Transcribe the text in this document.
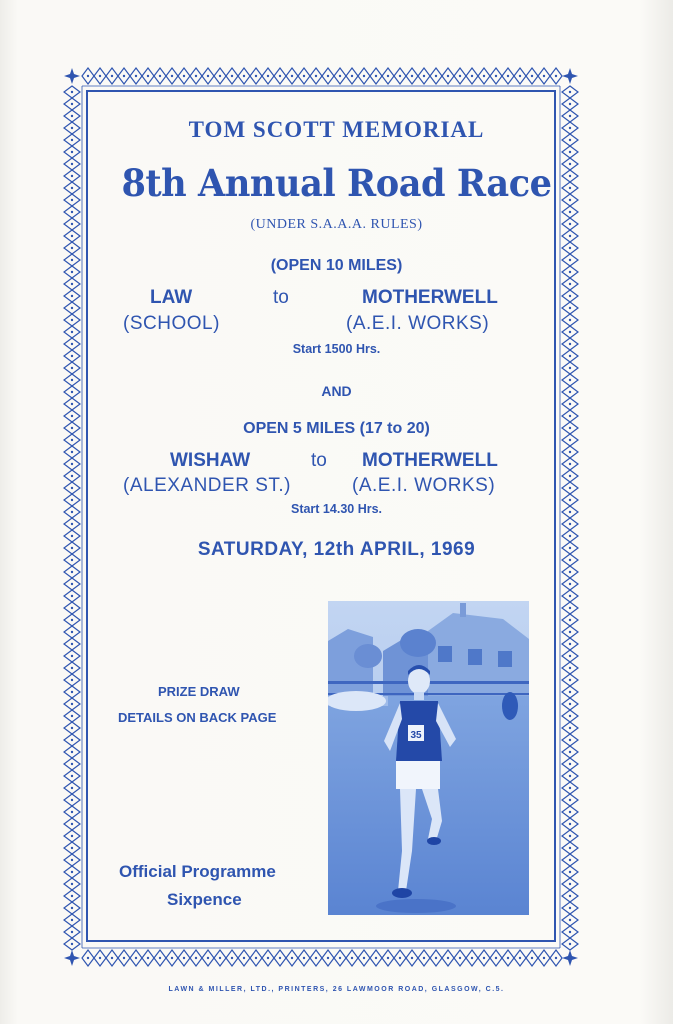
TOM SCOTT MEMORIAL
8th Annual Road Race
(UNDER S.A.A.A. RULES)
(OPEN 10 MILES)
LAW	to	MOTHERWELL
(SCHOOL)	(A.E.I. WORKS)
Start 1500 Hrs.
AND
OPEN 5 MILES (17 to 20)
WISHAW	to MOTHERWELL
(ALEXANDER ST.)	(A.E.I. WORKS)
Start 14.30 Hrs.
SATURDAY, 12th APRIL, 1969
PRIZE DRAW
DETAILS ON BACK PAGE
35
Official Programme
Sixpence
LAWN & MILLER, LTD., PRINTERS, 26 LAWMOOR ROAD, GLASGOW, C.5.
